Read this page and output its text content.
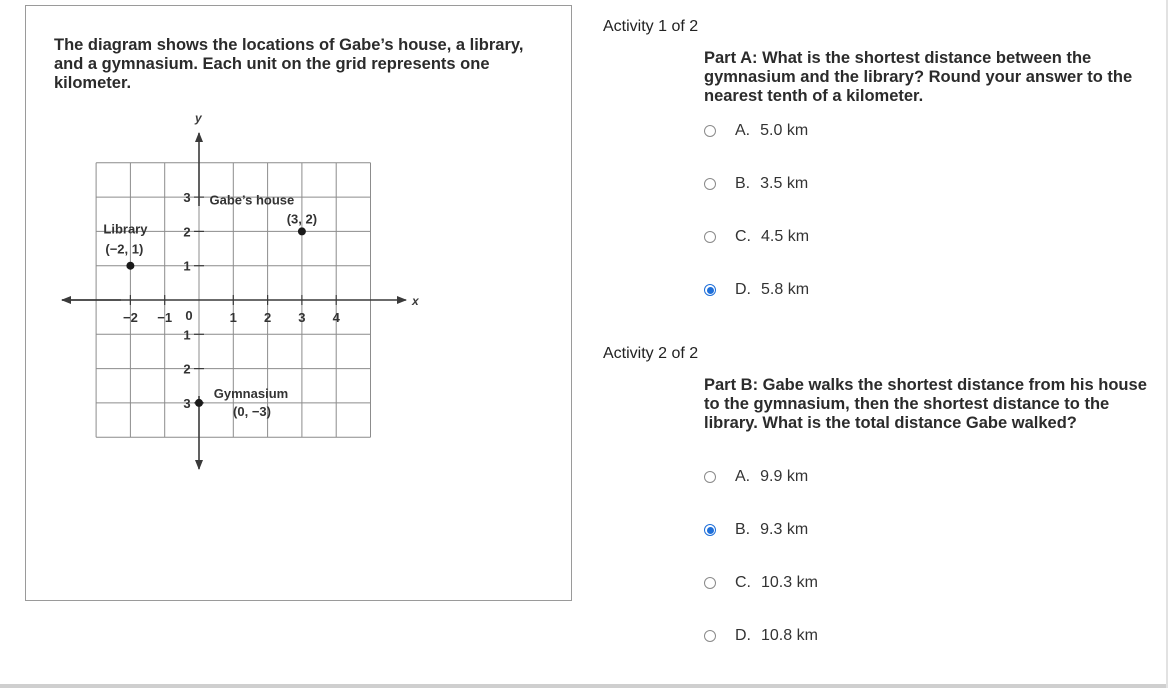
The diagram shows the locations of Gabe’s house, a library, and a gymnasium. Each unit on the grid represents one kilometer.
x
y
−2 −1	1 2 3 4
3
2
1
1
2
3
0
Gabe’s house
(3, 2)
Library
(−2, 1)
Gymnasium
(0, −3)
Activity 1 of 2
Part A: What is the shortest distance between the gymnasium and the library? Round your answer to the nearest tenth of a kilometer.
A. 5.0 km
B. 3.5 km
C. 4.5 km
D. 5.8 km
Activity 2 of 2
Part B: Gabe walks the shortest distance from his house to the gymnasium, then the shortest distance to the library. What is the total distance Gabe walked?
A. 9.9 km
B. 9.3 km
C. 10.3 km
D. 10.8 km
